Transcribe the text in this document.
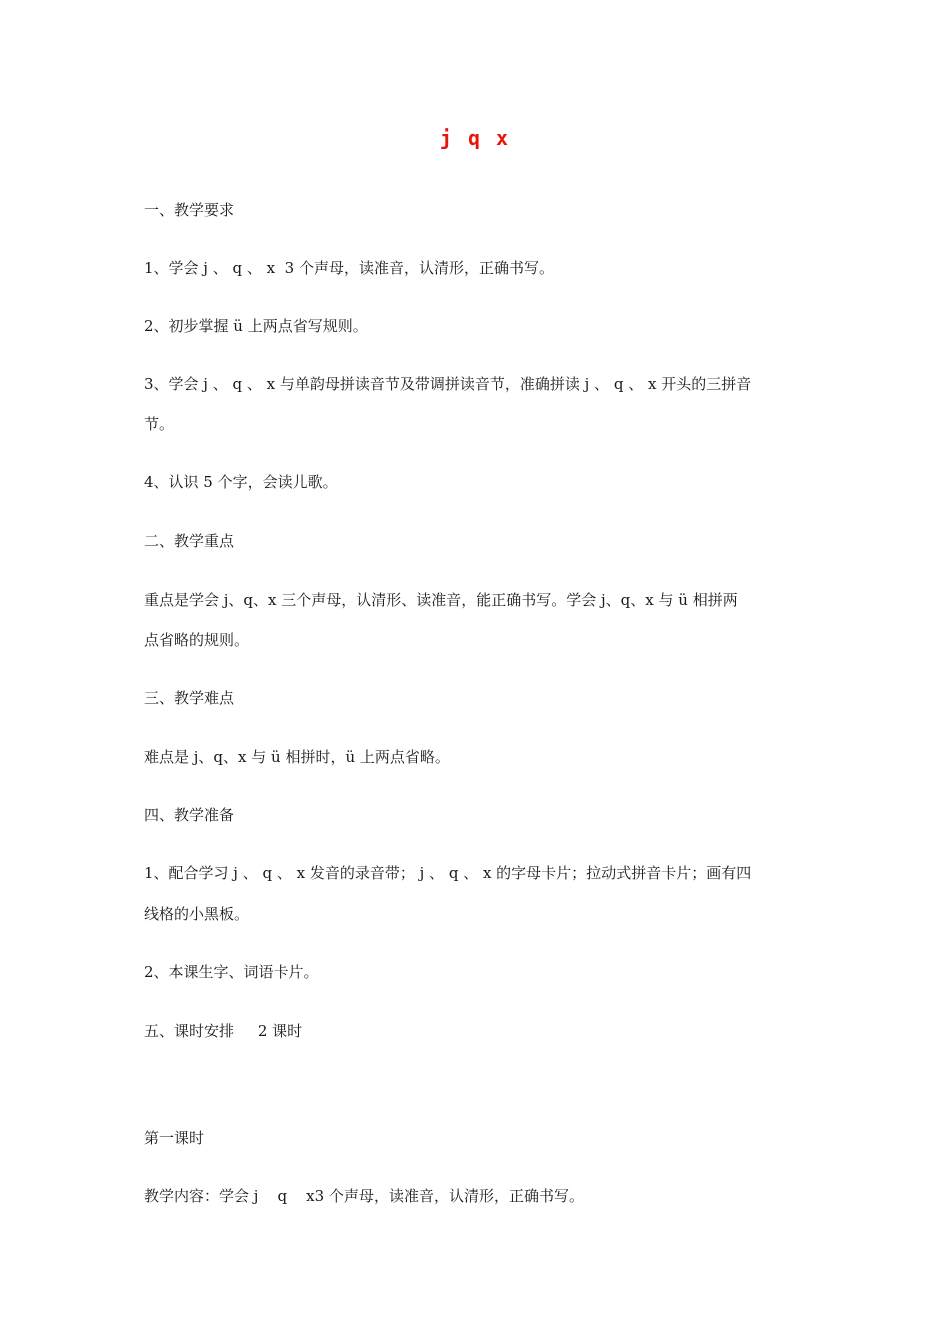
j q x
一、教学要求
1、学会 j 、 q 、 x  3 个声母，读准音，认清形，正确书写。
2、初步掌握 ü 上两点省写规则。
3、学会 j 、 q 、 x 与单韵母拼读音节及带调拼读音节，准确拼读 j 、 q 、 x 开头的三拼音
节。
4、认识 5 个字，会读儿歌。
二、教学重点
重点是学会 j、q、x 三个声母，认清形、读准音，能正确书写。学会 j、q、x 与 ü 相拼两
点省略的规则。
三、教学难点
难点是 j、q、x 与 ü 相拼时，ü 上两点省略。
四、教学准备
1、配合学习 j 、 q 、 x 发音的录音带； j 、 q 、 x 的字母卡片；拉动式拼音卡片；画有四
线格的小黑板。
2、本课生字、词语卡片。
五、课时安排     2 课时
第一课时
教学内容：学会 j    q    x3 个声母，读准音，认清形，正确书写。
